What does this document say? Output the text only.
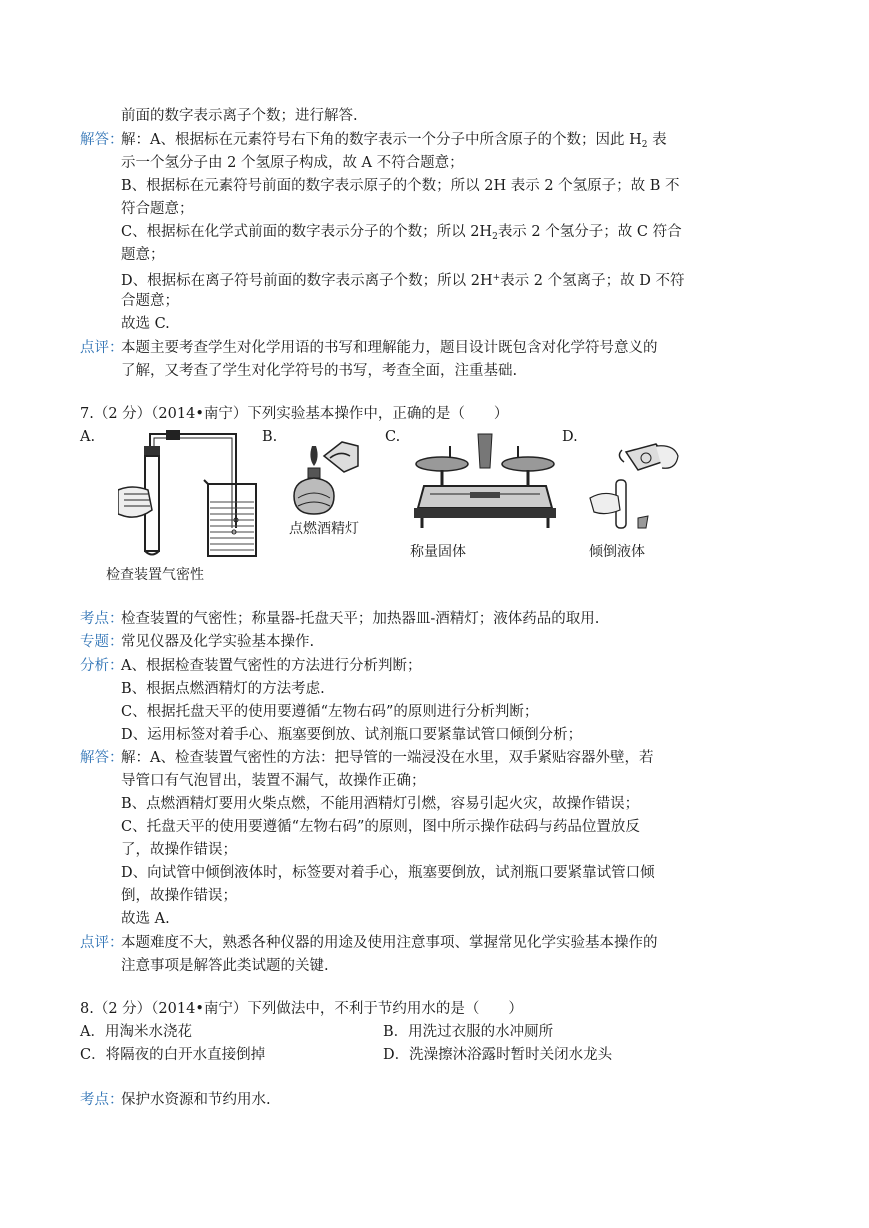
前面的数字表示离子个数；进行解答.
解答：
解：A、根据标在元素符号右下角的数字表示一个分子中所含原子的个数；因此 $H_2$ 表
示一个氢分子由 2 个氢原子构成，故 A 不符合题意；
B、根据标在元素符号前面的数字表示原子的个数；所以 2H 表示 2 个氢原子；故 B 不
符合题意；
C、根据标在化学式前面的数字表示分子的个数；所以 $2H_2$表示 2 个氢分子；故 C 符合
题意；
D、根据标在离子符号前面的数字表示离子个数；所以 2H+表示 2 个氢离子；故 D 不符
合题意；
故选 C.
点评：
本题主要考查学生对化学用语的书写和理解能力，题目设计既包含对化学符号意义的
了解，又考查了学生对化学符号的书写，考查全面，注重基础.
7.（2 分）（2014•南宁）下列实验基本操作中，正确的是（　　）
A.	B.	C.	D.
检查装置气密性
点燃酒精灯
称量固体	倾倒液体
考点：
检查装置的气密性；称量器-托盘天平；加热器皿-酒精灯；液体药品的取用.
专题：
常见仪器及化学实验基本操作.
分析：
A、根据检查装置气密性的方法进行分析判断；
B、根据点燃酒精灯的方法考虑.
C、根据托盘天平的使用要遵循“左物右码”的原则进行分析判断；
D、运用标签对着手心、瓶塞要倒放、试剂瓶口要紧靠试管口倾倒分析；
解答：
解：A、检查装置气密性的方法：把导管的一端浸没在水里，双手紧贴容器外壁，若
导管口有气泡冒出，装置不漏气，故操作正确；
B、点燃酒精灯要用火柴点燃，不能用酒精灯引燃，容易引起火灾，故操作错误；
C、托盘天平的使用要遵循“左物右码”的原则，图中所示操作砝码与药品位置放反
了，故操作错误；
D、向试管中倾倒液体时，标签要对着手心，瓶塞要倒放，试剂瓶口要紧靠试管口倾
倒，故操作错误；
故选 A.
点评：
本题难度不大，熟悉各种仪器的用途及使用注意事项、掌握常见化学实验基本操作的
注意事项是解答此类试题的关键.
8.（2 分）（2014•南宁）下列做法中，不利于节约用水的是（　　）
A．用淘米水浇花	B．用洗过衣服的水冲厕所
C．将隔夜的白开水直接倒掉	D．洗澡擦沐浴露时暂时关闭水龙头
考点：
保护水资源和节约用水.
